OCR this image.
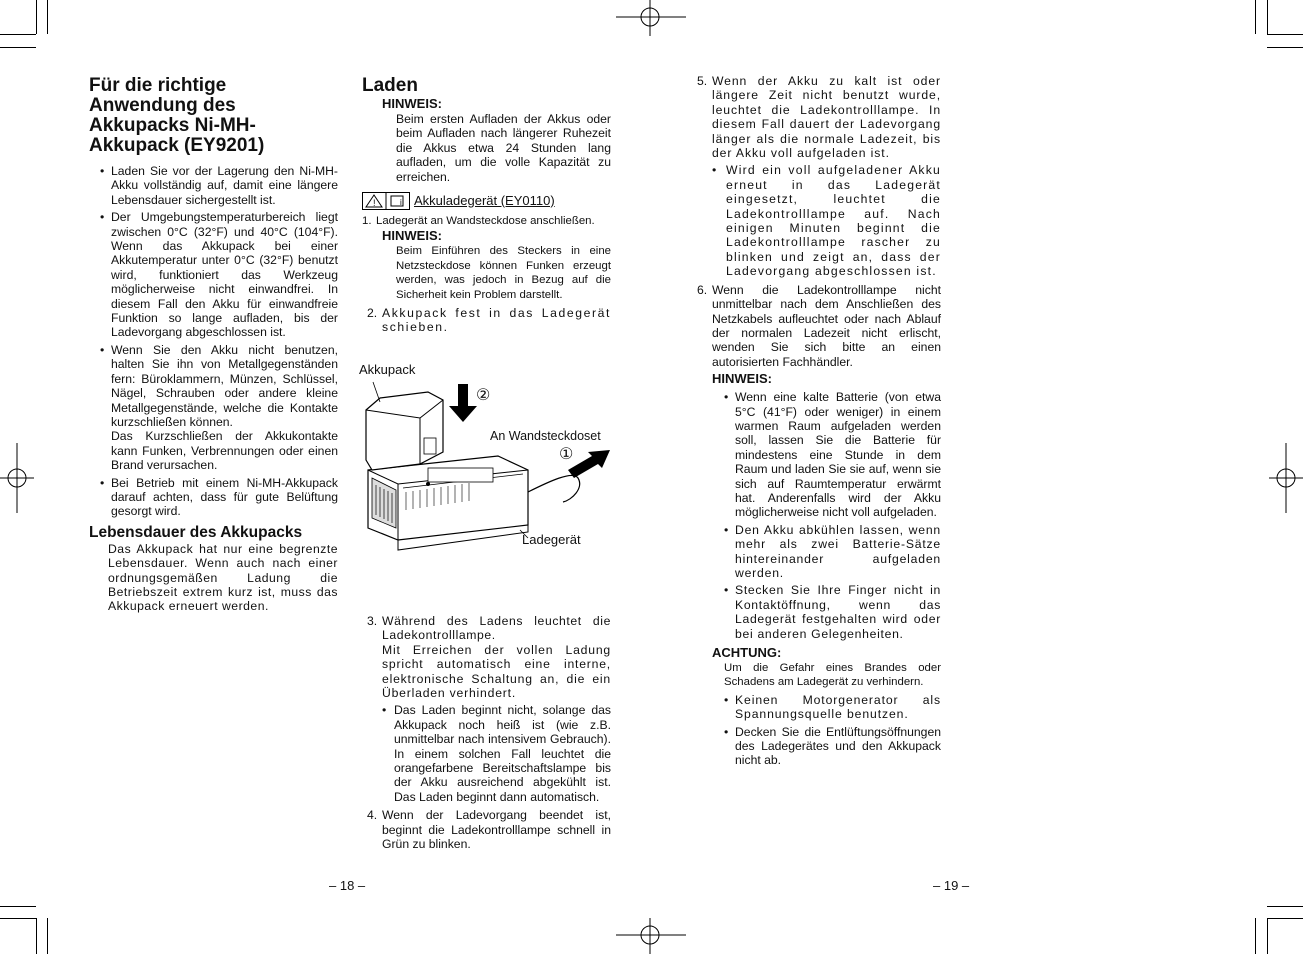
Für die richtige Anwendung des Akkupacks Ni-MH-Akkupack (EY9201)
• Laden Sie vor der Lagerung den Ni-MH-Akku vollständig auf, damit eine längere Lebensdauer sichergestellt ist.
• Der Umgebungstemperaturbereich liegt zwischen 0°C (32°F) und 40°C (104°F). Wenn das Akkupack bei einer Akkutemperatur unter 0°C (32°F) benutzt wird, funktioniert das Werkzeug möglicherweise nicht einwandfrei. In diesem Fall den Akku für einwandfreie Funktion so lange aufladen, bis der Ladevorgang abgeschlossen ist.
• Wenn Sie den Akku nicht benutzen, halten Sie ihn von Metallgegenständen fern: Büroklammern, Münzen, Schlüssel, Nägel, Schrauben oder andere kleine Metallgegenstände, welche die Kontakte kurzschließen können.

Das Kurzschließen der Akkukontakte kann Funken, Verbrennungen oder einen Brand verursachen.

• Bei Betrieb mit einem Ni-MH-Akkupack darauf achten, dass für gute Belüftung gesorgt wird.
Lebensdauer des Akkupacks

Das Akkupack hat nur eine begrenzte Lebensdauer. Wenn auch nach einer ordnungsgemäßen Ladung die Betriebszeit extrem kurz ist, muss das Akkupack erneuert werden.

Laden
HINWEIS:

Beim ersten Aufladen der Akkus oder beim Aufladen nach längerer Ruhezeit die Akkus etwa 24 Stunden lang aufladen, um die volle Kapazität zu erreichen.

!	i Akkuladegerät (EY0110)
1. Ladegerät an Wandsteckdose anschließen.
HINWEIS:

Beim Einführen des Steckers in eine Netzsteckdose können Funken erzeugt werden, was jedoch in Bezug auf die Sicherheit kein Problem darstellt.

2. Akkupack fest in das Ladegerät schieben.
Akkupack
②
An Wandsteckdoset
①
Ladegerät
3. Während des Ladens leuchtet die Ladekontrolllampe.

Mit Erreichen der vollen Ladung spricht automatisch eine interne, elektronische Schaltung an, die ein Überladen verhindert.

• Das Laden beginnt nicht, solange das Akkupack noch heiß ist (wie z.B. unmittelbar nach intensivem Gebrauch). In einem solchen Fall leuchtet die orangefarbene Bereitschaftslampe bis der Akku ausreichend abgekühlt ist. Das Laden beginnt dann automatisch.
4. Wenn der Ladevorgang beendet ist, beginnt die Ladekontrolllampe schnell in Grün zu blinken.
– 18 –
5. Wenn der Akku zu kalt ist oder längere Zeit nicht benutzt wurde, leuchtet die Ladekontrolllampe. In diesem Fall dauert der Ladevorgang länger als die normale Ladezeit, bis der Akku voll aufgeladen ist.

• Wird ein voll aufgeladener Akku erneut in das Ladegerät eingesetzt, leuchtet die Ladekontrolllampe auf. Nach einigen Minuten beginnt die Ladekontrolllampe rascher zu blinken und zeigt an, dass der Ladevorgang abgeschlossen ist.
6. Wenn die Ladekontrolllampe nicht unmittelbar nach dem Anschließen des Netzkabels aufleuchtet oder nach Ablauf der normalen Ladezeit nicht erlischt, wenden Sie sich bitte an einen autorisierten Fachhändler.

HINWEIS:
• Wenn eine kalte Batterie (von etwa 5°C (41°F) oder weniger) in einem warmen Raum aufgeladen werden soll, lassen Sie die Batterie für mindestens eine Stunde in dem Raum und laden Sie sie auf, wenn sie sich auf Raumtemperatur erwärmt hat. Anderenfalls wird der Akku möglicherweise nicht voll aufgeladen.
• Den Akku abkühlen lassen, wenn mehr als zwei Batterie-Sätze hintereinander aufgeladen werden.
• Stecken Sie Ihre Finger nicht in Kontaktöffnung, wenn das Ladegerät festgehalten wird oder bei anderen Gelegenheiten.
ACHTUNG:

Um die Gefahr eines Brandes oder Schadens am Ladegerät zu verhindern.

• Keinen Motorgenerator als Spannungsquelle benutzen.
• Decken Sie die Entlüftungsöffnungen des Ladegerätes und den Akkupack nicht ab.
– 19 –
